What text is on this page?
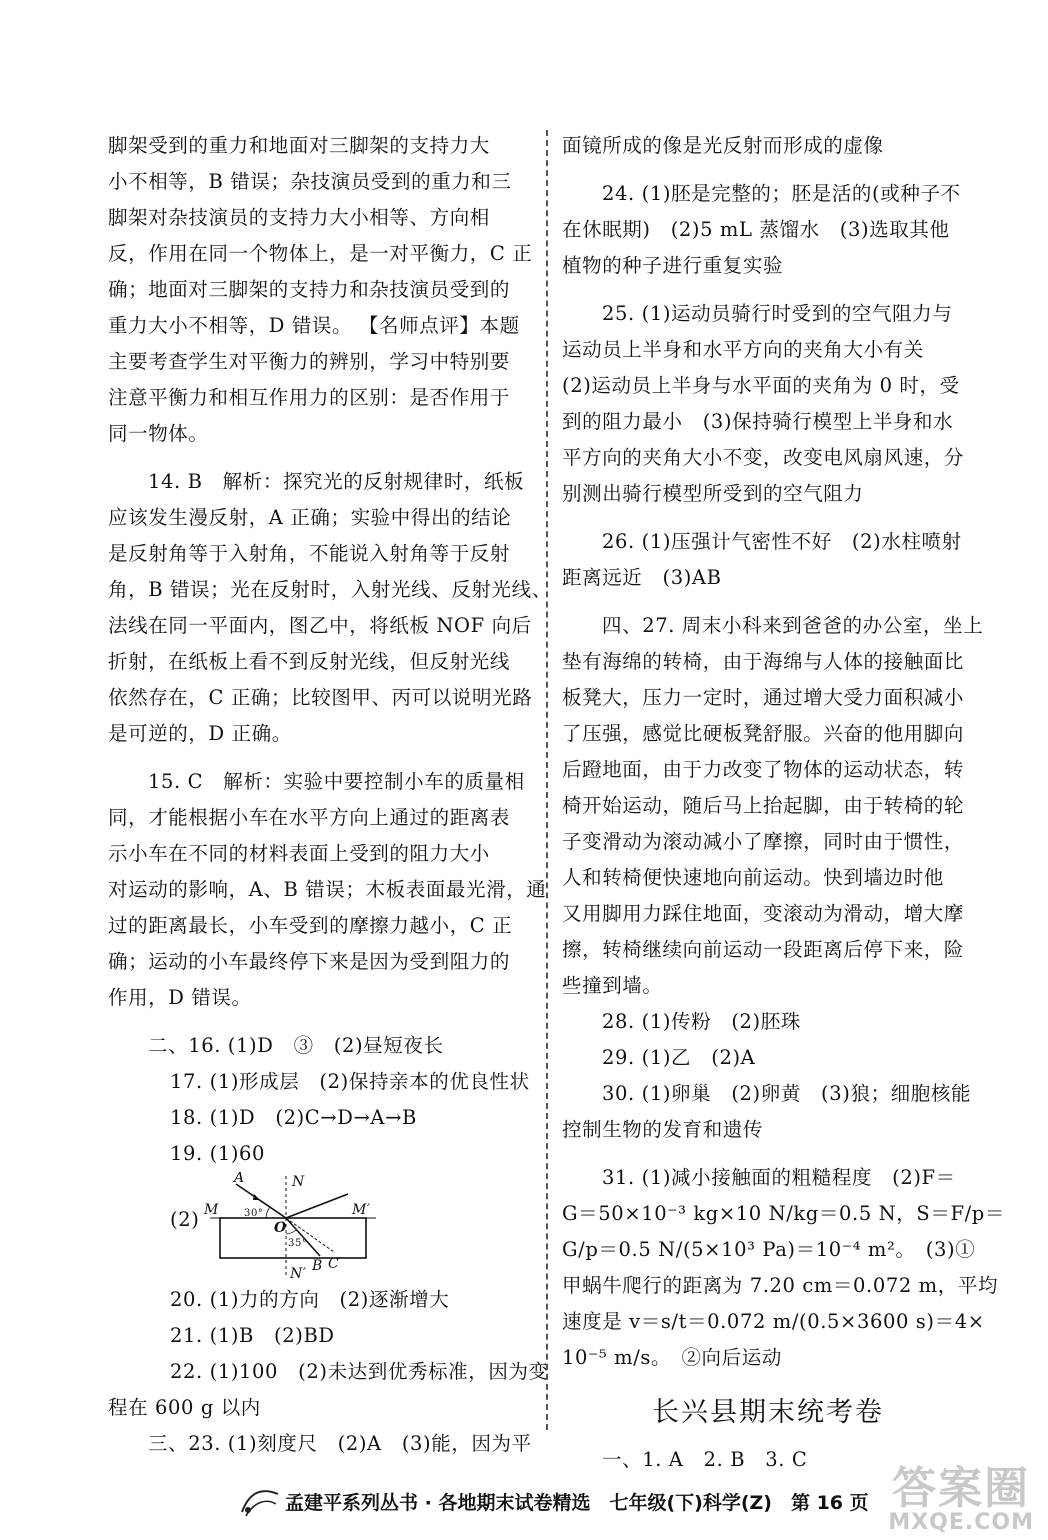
脚架受到的重力和地面对三脚架的支持力大

小不相等，B 错误；杂技演员受到的重力和三

脚架对杂技演员的支持力大小相等、方向相

反，作用在同一个物体上，是一对平衡力，C 正

确；地面对三脚架的支持力和杂技演员受到的

重力大小不相等，D 错误。 【名师点评】本题

主要考查学生对平衡力的辨别，学习中特别要

注意平衡力和相互作用力的区别：是否作用于

同一物体。

14. B　解析：探究光的反射规律时，纸板

应该发生漫反射，A 正确；实验中得出的结论

是反射角等于入射角，不能说入射角等于反射

角，B 错误；光在反射时，入射光线、反射光线、

法线在同一平面内，图乙中，将纸板 NOF 向后

折射，在纸板上看不到反射光线，但反射光线

依然存在，C 正确；比较图甲、丙可以说明光路

是可逆的，D 正确。

15. C　解析：实验中要控制小车的质量相

同，才能根据小车在水平方向上通过的距离表

示小车在不同的材料表面上受到的阻力大小

对运动的影响，A、B 错误；木板表面最光滑，通

过的距离最长，小车受到的摩擦力越小，C 正

确；运动的小车最终停下来是因为受到阻力的

作用，D 错误。

二、16. (1)D　③　(2)昼短夜长

17. (1)形成层　(2)保持亲本的优良性状

18. (1)D　(2)C→D→A→B

19. (1)60

(2)
A	N
M	30°	M′
O
35°
B C
N′

20. (1)力的方向　(2)逐渐增大

21. (1)B　(2)BD

22. (1)100　(2)未达到优秀标准，因为变

程在 600 g 以内

三、23. (1)刻度尺　(2)A　(3)能，因为平

面镜所成的像是光反射而形成的虚像

24. (1)胚是完整的；胚是活的(或种子不

在休眠期)　(2)5 mL 蒸馏水　(3)选取其他

植物的种子进行重复实验

25. (1)运动员骑行时受到的空气阻力与

运动员上半身和水平方向的夹角大小有关

(2)运动员上半身与水平面的夹角为 0 时，受

到的阻力最小　(3)保持骑行模型上半身和水

平方向的夹角大小不变，改变电风扇风速，分

别测出骑行模型所受到的空气阻力

26. (1)压强计气密性不好　(2)水柱喷射

距离远近　(3)AB

四、27. 周末小科来到爸爸的办公室，坐上

垫有海绵的转椅，由于海绵与人体的接触面比

板凳大，压力一定时，通过增大受力面积减小

了压强，感觉比硬板凳舒服。兴奋的他用脚向

后蹬地面，由于力改变了物体的运动状态，转

椅开始运动，随后马上抬起脚，由于转椅的轮

子变滑动为滚动减小了摩擦，同时由于惯性，

人和转椅便快速地向前运动。快到墙边时他

又用脚用力踩住地面，变滚动为滑动，增大摩

擦，转椅继续向前运动一段距离后停下来，险

些撞到墙。

28. (1)传粉　(2)胚珠

29. (1)乙　(2)A

30. (1)卵巢　(2)卵黄　(3)狼；细胞核能

控制生物的发育和遗传

31. (1)减小接触面的粗糙程度　(2)F＝

G＝50×10⁻³ kg×10 N/kg＝0.5 N，S＝F/p＝

G/p＝0.5 N/(5×10³ Pa)＝10⁻⁴ m²。　(3)①

甲蜗牛爬行的距离为 7.20 cm＝0.072 m，平均

速度是 v＝s/t＝0.072 m/(0.5×3600 s)＝4×

10⁻⁵ m/s。　②向后运动

长兴县期末统考卷

一、1. A　2. B　3. C

孟建平系列丛书 · 各地期末试卷精选　七年级(下)科学(Z)　第 16 页 答案圈
MXQE.COM
